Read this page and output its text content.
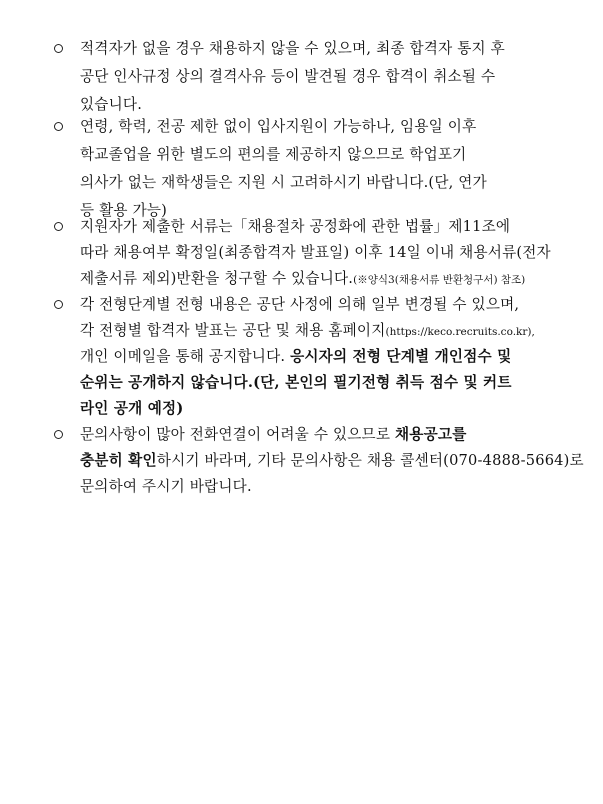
적격자가 없을 경우 채용하지 않을 수 있으며, 최종 합격자 통지 후
공단 인사규정 상의 결격사유 등이 발견될 경우 합격이 취소될 수
있습니다.
연령, 학력, 전공 제한 없이 입사지원이 가능하나, 임용일 이후
학교졸업을 위한 별도의 편의를 제공하지 않으므로 학업포기
의사가 없는 재학생들은 지원 시 고려하시기 바랍니다.(단, 연가
등 활용 가능)
지원자가 제출한 서류는「채용절차 공정화에 관한 법률」제11조에
따라 채용여부 확정일(최종합격자 발표일) 이후 14일 이내 채용서류(전자
제출서류 제외)반환을 청구할 수 있습니다.(※양식3(채용서류 반환청구서) 참조)
각 전형단계별 전형 내용은 공단 사정에 의해 일부 변경될 수 있으며,
각 전형별 합격자 발표는 공단 및 채용 홈페이지(https://keco.recruits.co.kr),
개인 이메일을 통해 공지합니다. 응시자의 전형 단계별 개인점수 및
순위는 공개하지 않습니다.(단, 본인의 필기전형 취득 점수 및 커트
라인 공개 예정)
문의사항이 많아 전화연결이 어려울 수 있으므로 채용공고를
충분히 확인하시기 바라며, 기타 문의사항은 채용 콜센터(070-4888-5664)로
문의하여 주시기 바랍니다.
